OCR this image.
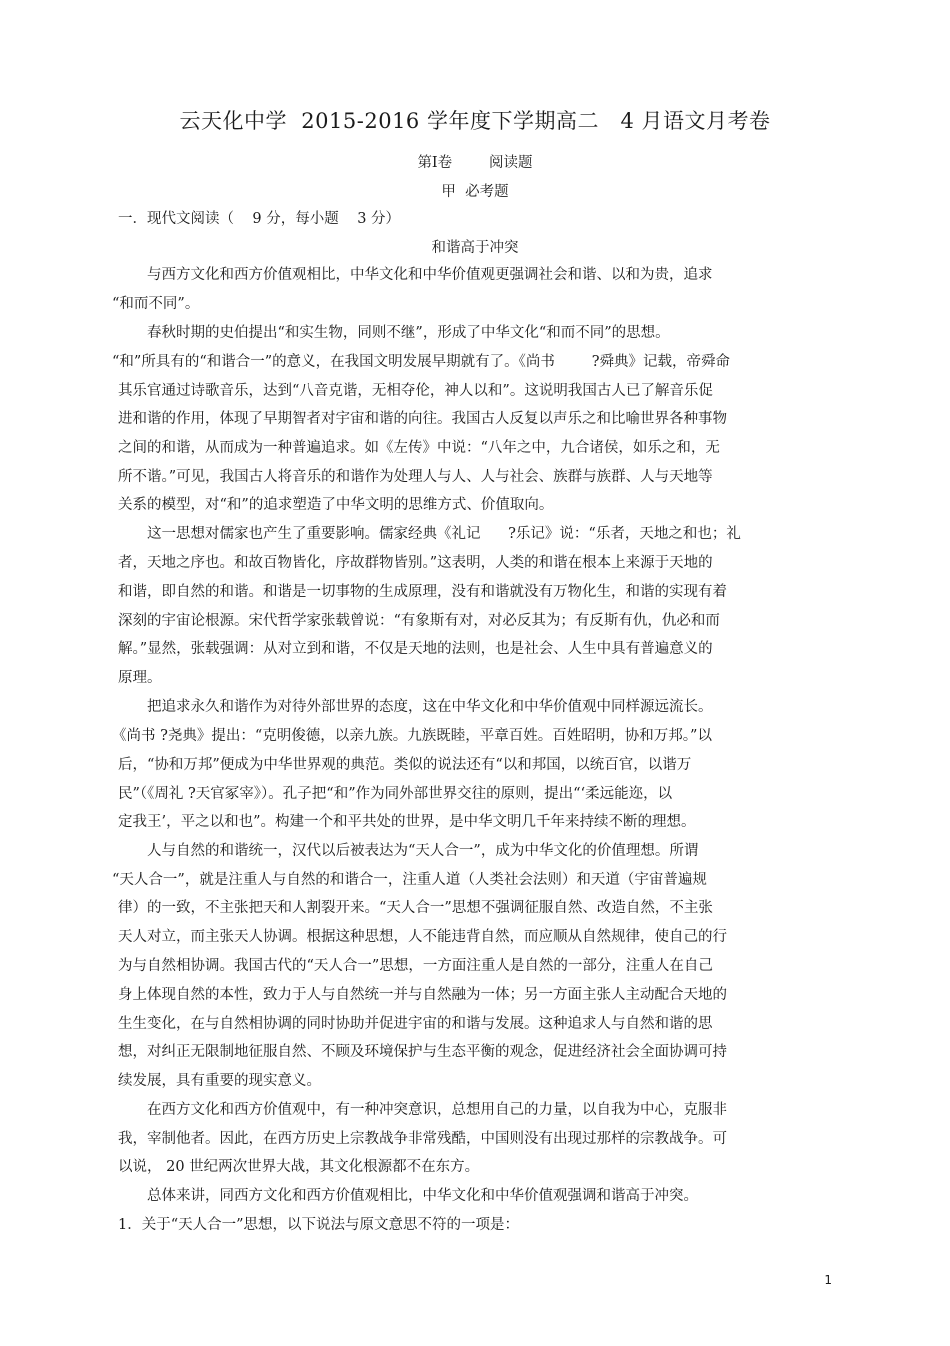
云天化中学  2015-2016 学年度下学期高二   4 月语文月考卷
第Ⅰ卷        阅读题
甲  必考题
一．现代文阅读（    9 分，每小题    3 分）
和谐高于冲突
与西方文化和西方价值观相比，中华文化和中华价值观更强调社会和谐、以和为贵，追求
“和而不同”。
春秋时期的史伯提出“和实生物，同则不继”，形成了中华文化“和而不同”的思想。
“和”所具有的“和谐合一”的意义，在我国文明发展早期就有了。《尚书        ?舜典》记载，帝舜命
其乐官通过诗歌音乐，达到“八音克谐，无相夺伦，神人以和”。这说明我国古人已了解音乐促
进和谐的作用，体现了早期智者对宇宙和谐的向往。我国古人反复以声乐之和比喻世界各种事物
之间的和谐，从而成为一种普遍追求。如《左传》中说：“八年之中，九合诸侯，如乐之和，无
所不谐。”可见，我国古人将音乐的和谐作为处理人与人、人与社会、族群与族群、人与天地等
关系的模型，对“和”的追求塑造了中华文明的思维方式、价值取向。
这一思想对儒家也产生了重要影响。儒家经典《礼记      ?乐记》说：“乐者，天地之和也；礼
者，天地之序也。和故百物皆化，序故群物皆别。”这表明，人类的和谐在根本上来源于天地的
和谐，即自然的和谐。和谐是一切事物的生成原理，没有和谐就没有万物化生，和谐的实现有着
深刻的宇宙论根源。宋代哲学家张载曾说：“有象斯有对，对必反其为；有反斯有仇，仇必和而
解。”显然，张载强调：从对立到和谐，不仅是天地的法则，也是社会、人生中具有普遍意义的
原理。
把追求永久和谐作为对待外部世界的态度，这在中华文化和中华价值观中同样源远流长。
《尚书 ?尧典》提出：“克明俊德，以亲九族。九族既睦，平章百姓。百姓昭明，协和万邦。”以
后，“协和万邦”便成为中华世界观的典范。类似的说法还有“以和邦国，以统百官，以谐万
民”（《周礼 ?天官冢宰》）。孔子把“和”作为同外部世界交往的原则，提出“‘柔远能迩，以
定我王’，平之以和也”。构建一个和平共处的世界，是中华文明几千年来持续不断的理想。
人与自然的和谐统一，汉代以后被表达为“天人合一”，成为中华文化的价值理想。所谓
“天人合一”，就是注重人与自然的和谐合一，注重人道（人类社会法则）和天道（宇宙普遍规
律）的一致，不主张把天和人割裂开来。“天人合一”思想不强调征服自然、改造自然，不主张
天人对立，而主张天人协调。根据这种思想，人不能违背自然，而应顺从自然规律，使自己的行
为与自然相协调。我国古代的“天人合一”思想，一方面注重人是自然的一部分，注重人在自己
身上体现自然的本性，致力于人与自然统一并与自然融为一体；另一方面主张人主动配合天地的
生生变化，在与自然相协调的同时协助并促进宇宙的和谐与发展。这种追求人与自然和谐的思
想，对纠正无限制地征服自然、不顾及环境保护与生态平衡的观念，促进经济社会全面协调可持
续发展，具有重要的现实意义。
在西方文化和西方价值观中，有一种冲突意识，总想用自己的力量，以自我为中心，克服非
我，宰制他者。因此，在西方历史上宗教战争非常残酷，中国则没有出现过那样的宗教战争。可
以说， 20 世纪两次世界大战，其文化根源都不在东方。
总体来讲，同西方文化和西方价值观相比，中华文化和中华价值观强调和谐高于冲突。
1．关于“天人合一”思想，以下说法与原文意思不符的一项是：
1
